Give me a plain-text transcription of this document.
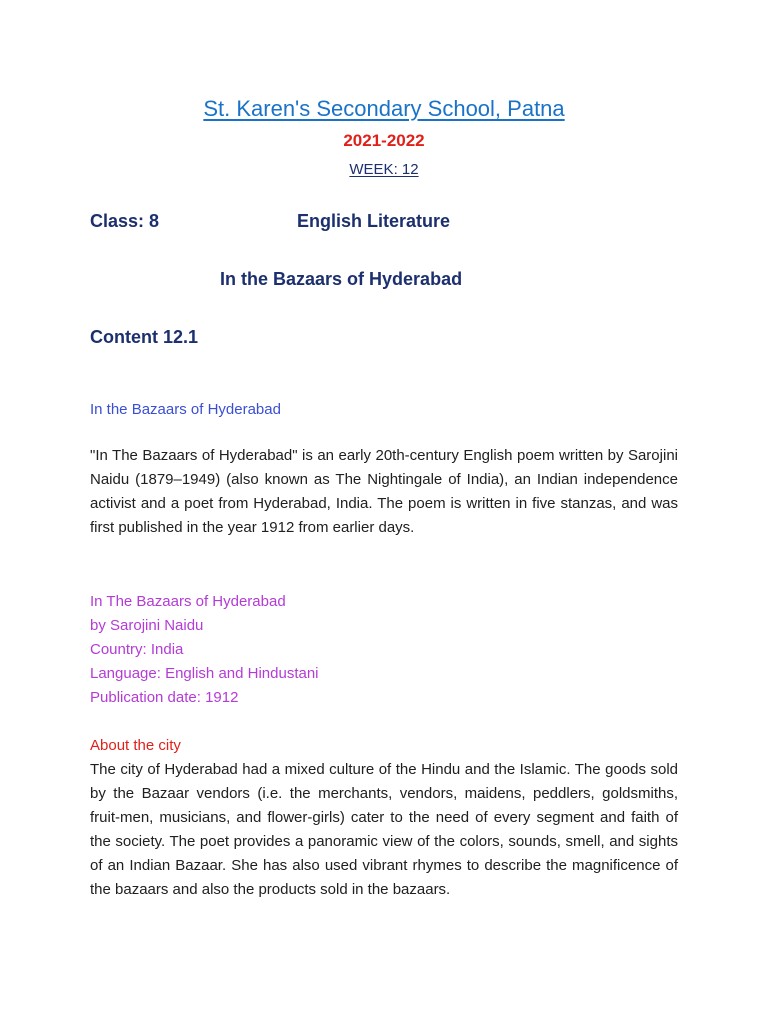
St. Karen's Secondary School, Patna
2021-2022
WEEK: 12
Class: 8	English Literature
In the Bazaars of Hyderabad
Content 12.1
In the Bazaars of Hyderabad
"In The Bazaars of Hyderabad" is an early 20th-century English poem written by Sarojini Naidu (1879–1949) (also known as The Nightingale of India), an Indian independence activist and a poet from Hyderabad, India. The poem is written in five stanzas, and was first published in the year 1912 from earlier days.
In The Bazaars of Hyderabad
by Sarojini Naidu
Country: India
Language: English and Hindustani
Publication date: 1912
About the city
The city of Hyderabad had a mixed culture of the Hindu and the Islamic. The goods sold by the Bazaar vendors (i.e. the merchants, vendors, maidens, peddlers, goldsmiths, fruit-men, musicians, and flower-girls) cater to the need of every segment and faith of the society. The poet provides a panoramic view of the colors, sounds, smell, and sights of an Indian Bazaar. She has also used vibrant rhymes to describe the magnificence of the bazaars and also the products sold in the bazaars.
